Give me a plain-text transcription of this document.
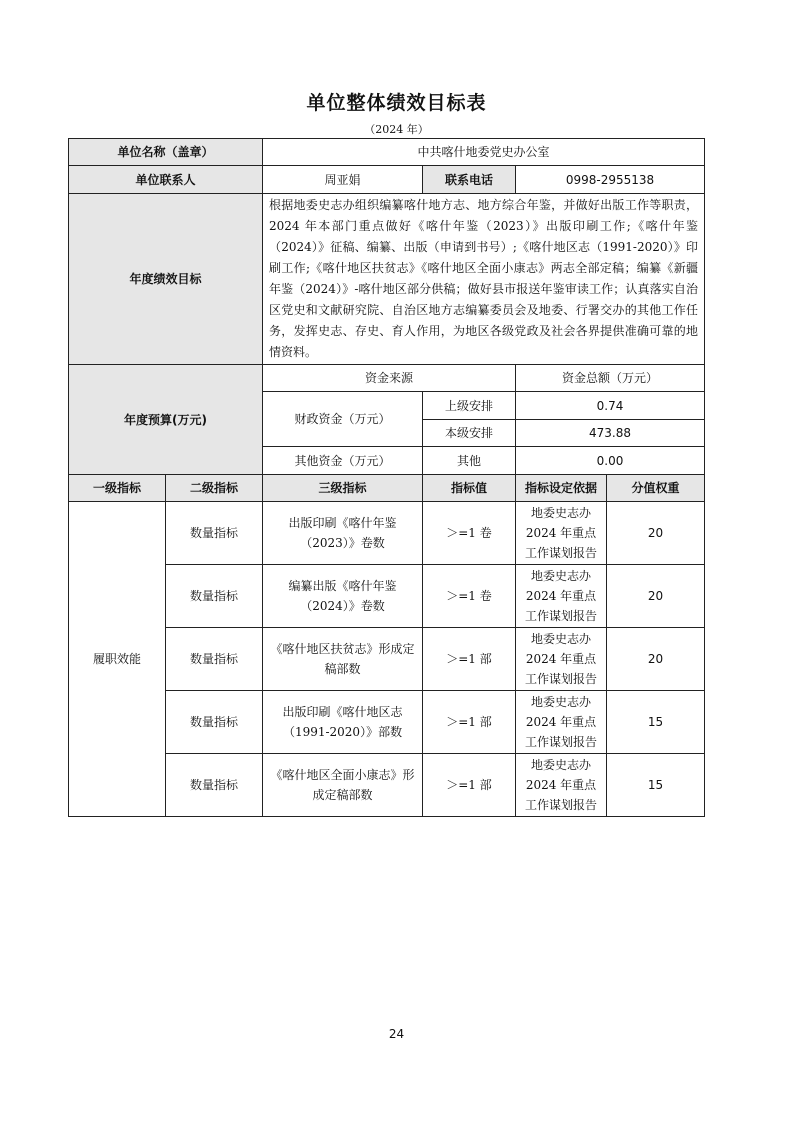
单位整体绩效目标表
（2024 年）
单位名称（盖章）		中共喀什地委党史办公室			
单位联系人		周亚娟	联系电话	0998-2955138	
年度绩效目标		根据地委史志办组织编纂喀什地方志、地方综合年鉴，并做好出版工作等职责，2024 年本部门重点做好《喀什年鉴（2023）》出版印刷工作;《喀什年鉴（2024）》征稿、编纂、出版（申请到书号）;《喀什地区志（1991-2020）》印刷工作;《喀什地区扶贫志》《喀什地区全面小康志》两志全部定稿；编纂《新疆年鉴（2024）》-喀什地区部分供稿；做好县市报送年鉴审读工作；认真落实自治区党史和文献研究院、自治区地方志编纂委员会及地委、行署交办的其他工作任务，发挥史志、存史、育人作用，为地区各级党政及社会各界提供准确可靠的地情资料。			
年度预算(万元)		资金来源		资金总额（万元）	
		财政资金（万元）	上级安排	0.74	
			本级安排	473.88	
		其他资金（万元）	其他	0.00	
一级指标	二级指标	三级指标	指标值	指标设定依据	分值权重
履职效能	数量指标	出版印刷《喀什年鉴（2023）》卷数	＞=1 卷	地委史志办 2024 年重点工作谋划报告	20
	数量指标	编纂出版《喀什年鉴（2024）》卷数	＞=1 卷	地委史志办 2024 年重点工作谋划报告	20
	数量指标	《喀什地区扶贫志》形成定稿部数	＞=1 部	地委史志办 2024 年重点工作谋划报告	20
	数量指标	出版印刷《喀什地区志（1991-2020）》部数	＞=1 部	地委史志办 2024 年重点工作谋划报告	15
	数量指标	《喀什地区全面小康志》形成定稿部数	＞=1 部	地委史志办 2024 年重点工作谋划报告	15
24
